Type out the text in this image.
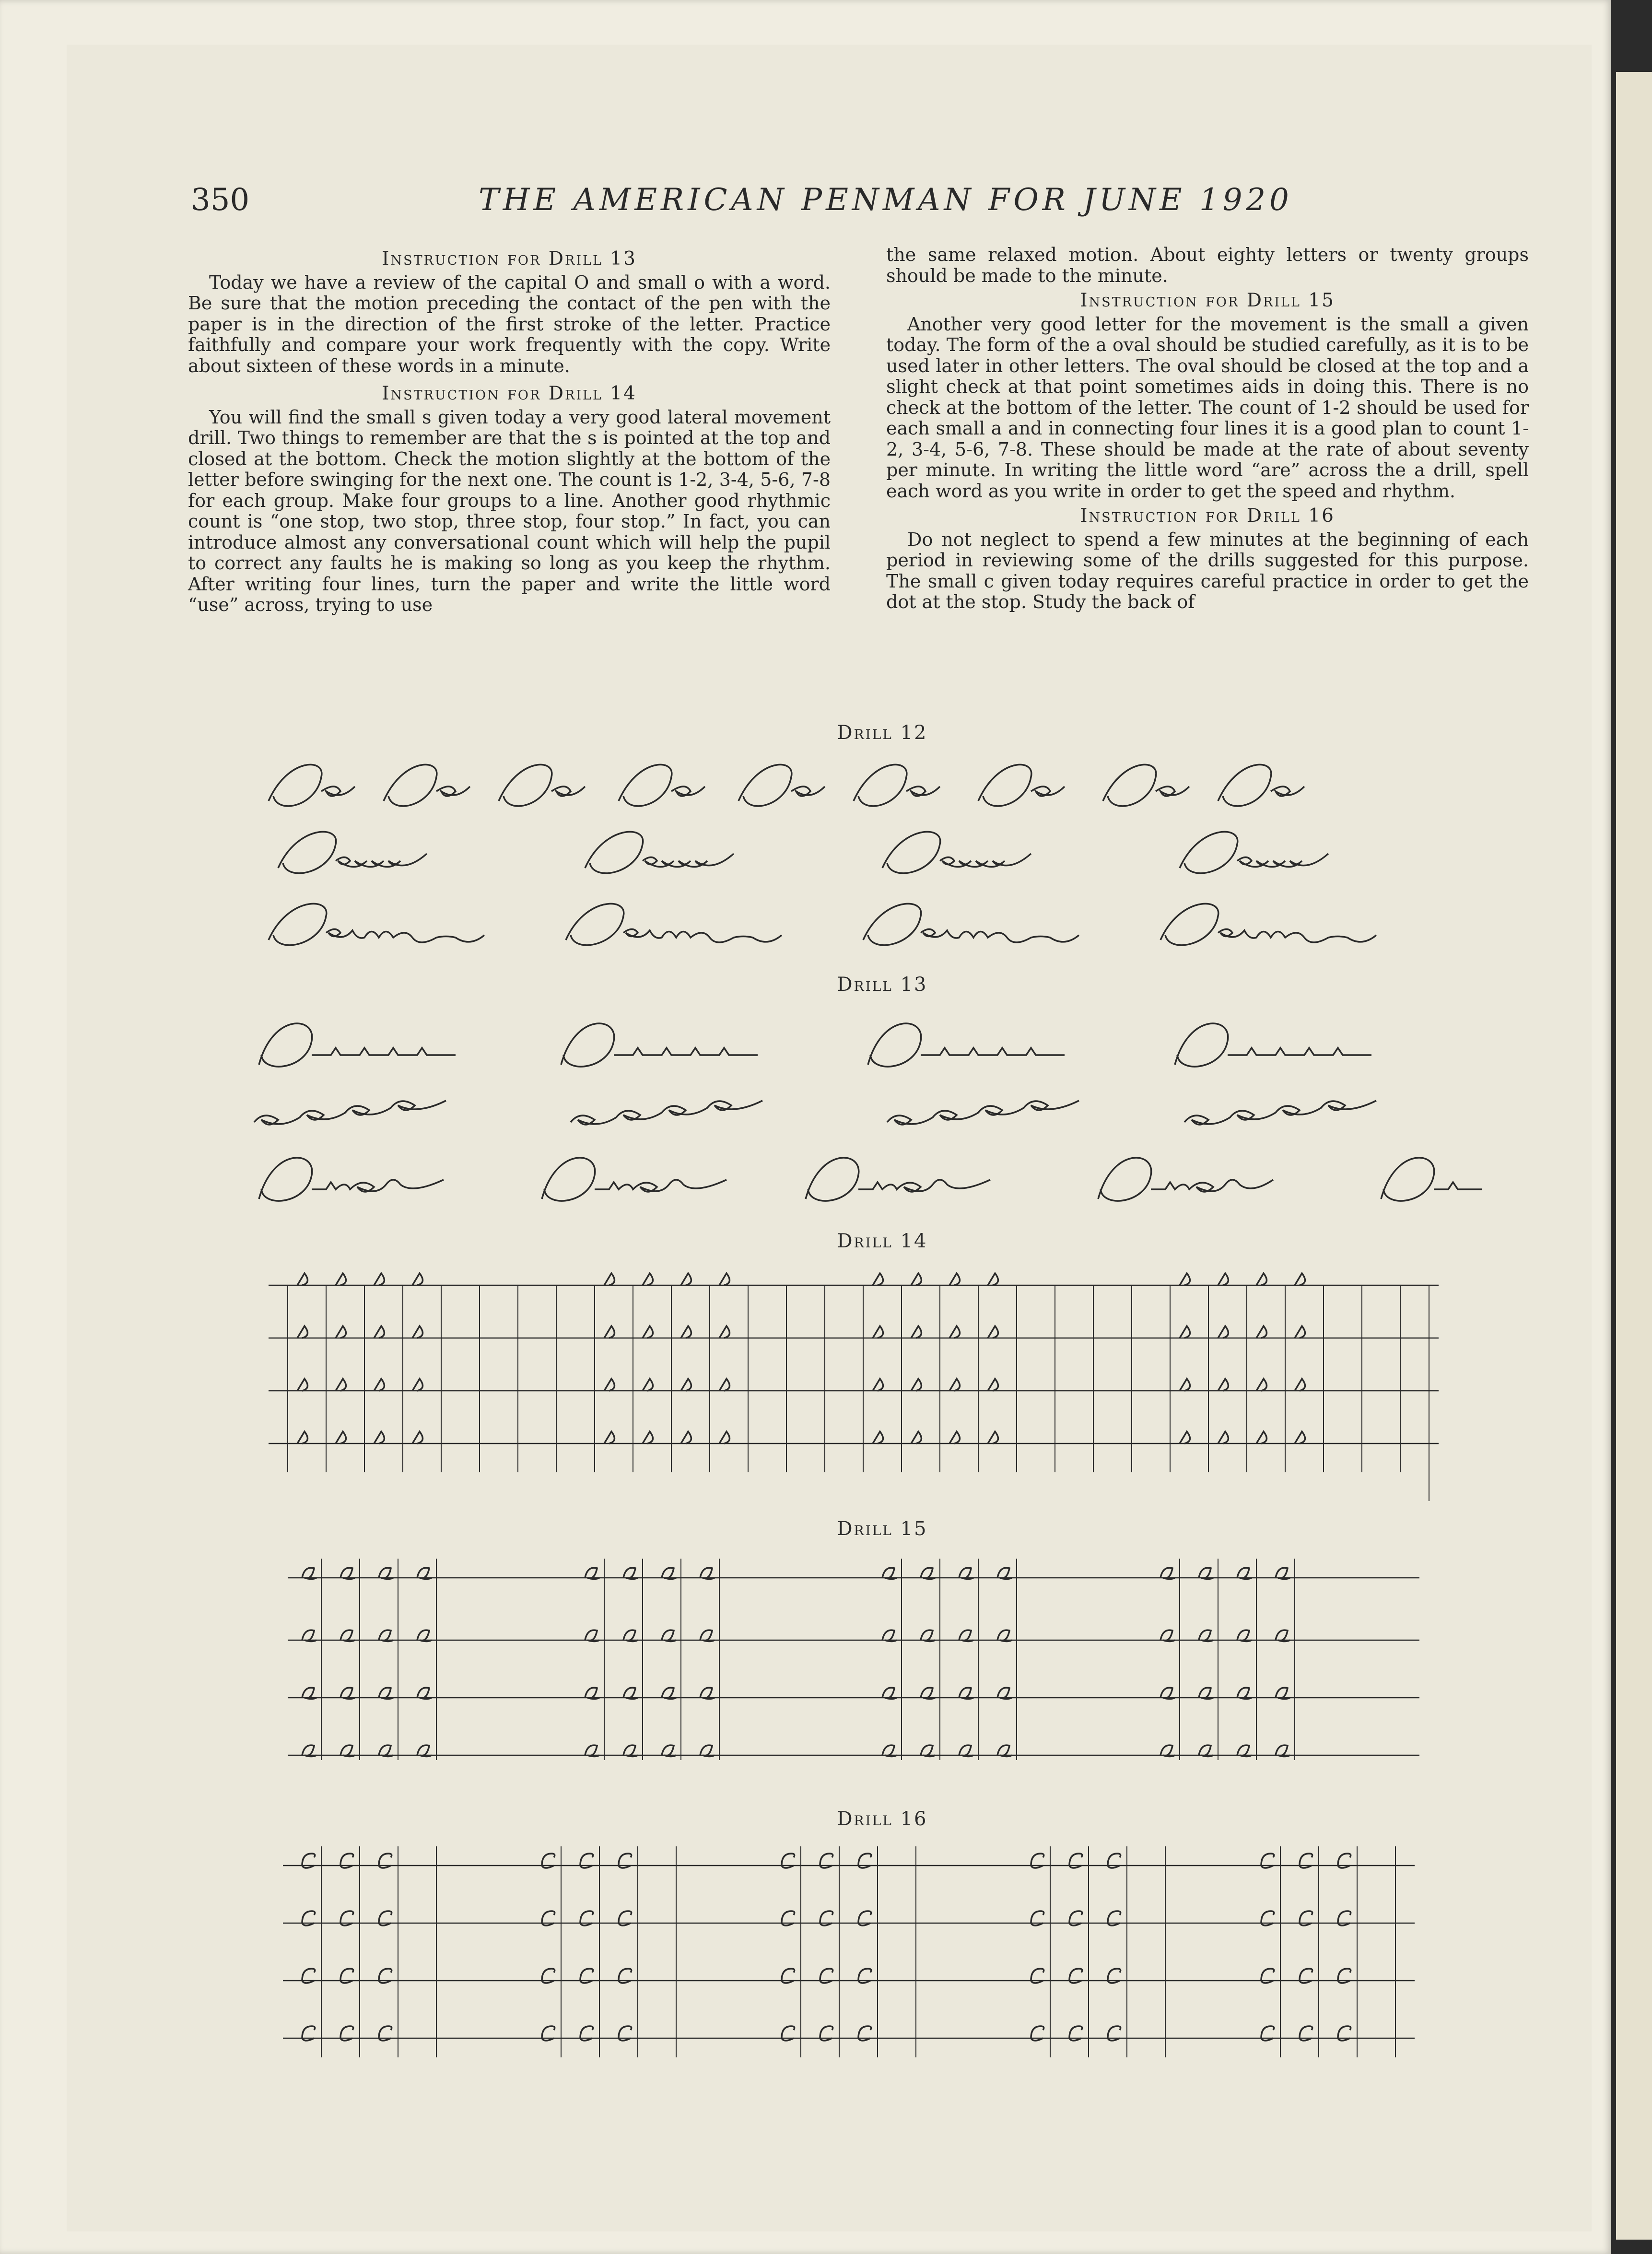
350	THE AMERICAN PENMAN FOR JUNE 1920
Instruction for Drill 13

Today we have a review of the capital O and small o with a word. Be sure that the motion preceding the contact of the pen with the paper is in the direction of the first stroke of the letter. Practice faithfully and compare your work frequently with the copy. Write about sixteen of these words in a minute.

Instruction for Drill 14

You will find the small s given today a very good lateral movement drill. Two things to remember are that the s is pointed at the top and closed at the bottom. Check the motion slightly at the bottom of the letter before swinging for the next one. The count is 1-2, 3-4, 5-6, 7-8 for each group. Make four groups to a line. Another good rhythmic count is “one stop, two stop, three stop, four stop.” In fact, you can introduce almost any conversational count which will help the pupil to correct any faults he is making so long as you keep the rhythm. After writing four lines, turn the paper and write the little word “use” across, trying to use

the same relaxed motion. About eighty letters or twenty groups should be made to the minute.

Instruction for Drill 15

Another very good letter for the movement is the small a given today. The form of the a oval should be studied carefully, as it is to be used later in other letters. The oval should be closed at the top and a slight check at that point sometimes aids in doing this. There is no check at the bottom of the letter. The count of 1-2 should be used for each small a and in connecting four lines it is a good plan to count 1-2, 3-4, 5-6, 7-8. These should be made at the rate of about seventy per minute. In writing the little word “are” across the a drill, spell each word as you write in order to get the speed and rhythm.

Instruction for Drill 16

Do not neglect to spend a few minutes at the beginning of each period in reviewing some of the drills suggested for this purpose. The small c given today requires careful practice in order to get the dot at the stop. Study the back of

Drill 12
Drill 13
Drill 14
Drill 15
Drill 16
